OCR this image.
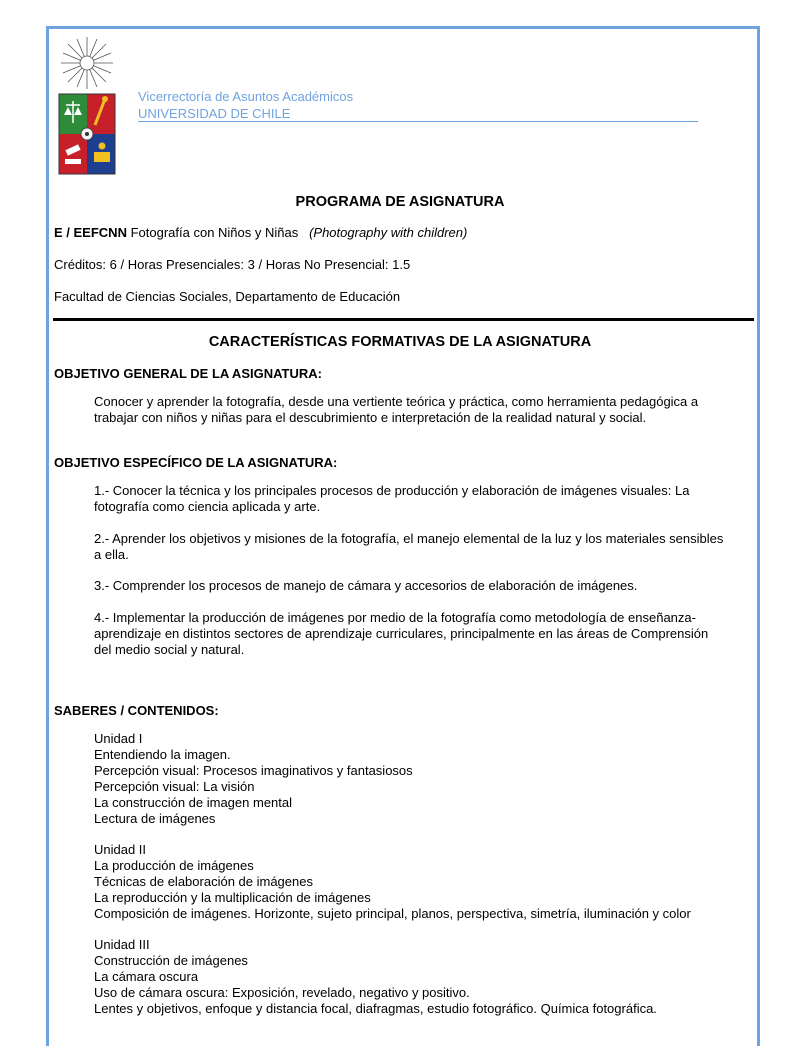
Vicerrectoría de Asuntos Académicos
UNIVERSIDAD DE CHILE
PROGRAMA DE ASIGNATURA
E / EEFCNN Fotografía con Niños y Niñas (Photography with children)
Créditos: 6 / Horas Presenciales: 3 / Horas No Presencial: 1.5
Facultad de Ciencias Sociales, Departamento de Educación
CARACTERÍSTICAS FORMATIVAS DE LA ASIGNATURA
OBJETIVO GENERAL DE LA ASIGNATURA:
Conocer y aprender la fotografía, desde una vertiente teórica y práctica, como herramienta pedagógica a trabajar con niños y niñas para el descubrimiento e interpretación de la realidad natural y social.
OBJETIVO ESPECÍFICO DE LA ASIGNATURA:
1.- Conocer la técnica y los principales procesos de producción y elaboración de imágenes visuales: La fotografía como ciencia aplicada y arte.
2.- Aprender los objetivos y misiones de la fotografía, el manejo elemental de la luz y los materiales sensibles a ella.
3.- Comprender los procesos de manejo de cámara y accesorios de elaboración de imágenes.
4.- Implementar la producción de imágenes por medio de la fotografía como metodología de enseñanza-aprendizaje en distintos sectores de aprendizaje curriculares, principalmente en las áreas de Comprensión del medio social y natural.
SABERES / CONTENIDOS:
Unidad I
Entendiendo la imagen.
Percepción visual: Procesos imaginativos y fantasiosos
Percepción visual: La visión
La construcción de imagen mental
Lectura de imágenes
Unidad II
La producción de imágenes
Técnicas de elaboración de imágenes
La reproducción y la multiplicación de imágenes
Composición de imágenes. Horizonte, sujeto principal, planos, perspectiva, simetría, iluminación y color
Unidad III
Construcción de imágenes
La cámara oscura
Uso de cámara oscura: Exposición, revelado, negativo y positivo.
Lentes y objetivos, enfoque y distancia focal, diafragmas, estudio fotográfico. Química fotográfica.
